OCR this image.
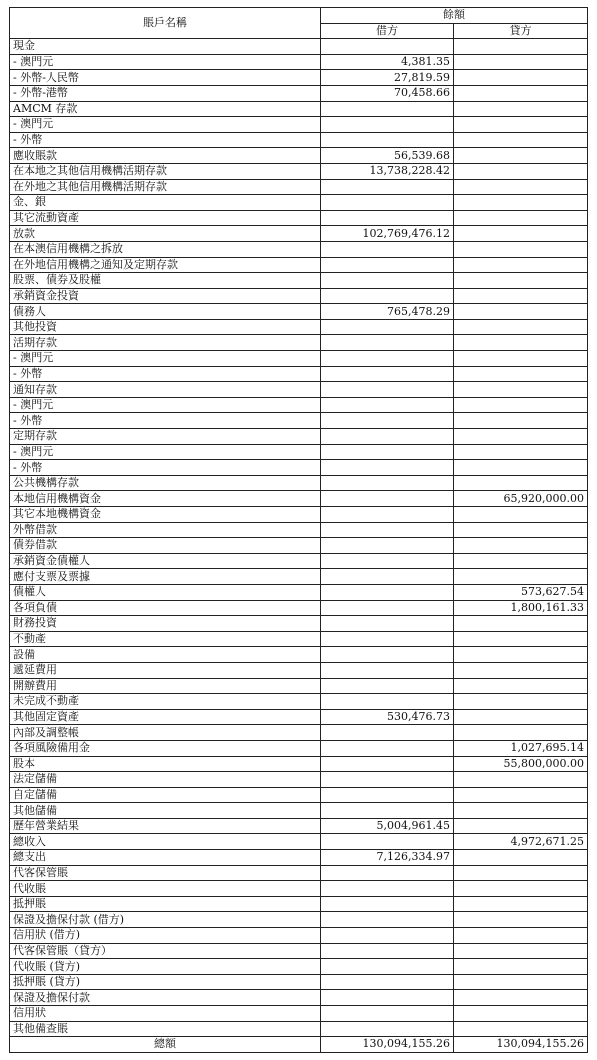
賬戶名稱	餘額	
	借方	貸方
現金		
- 澳門元	4,381.35	
- 外幣-人民幣	27,819.59	
- 外幣-港幣	70,458.66	
AMCM 存款		
- 澳門元		
- 外幣		
應收賬款	56,539.68	
在本地之其他信用機構活期存款	13,738,228.42	
在外地之其他信用機構活期存款		
金、銀		
其它流動資產		
放款	102,769,476.12	
在本澳信用機構之拆放		
在外地信用機構之通知及定期存款		
股票、債券及股權		
承銷資金投資		
債務人	765,478.29	
其他投資		
活期存款		
- 澳門元		
- 外幣		
通知存款		
- 澳門元		
- 外幣		
定期存款		
- 澳門元		
- 外幣		
公共機構存款		
本地信用機構資金		65,920,000.00
其它本地機構資金		
外幣借款		
債券借款		
承銷資金債權人		
應付支票及票據		
債權人		573,627.54
各項負債		1,800,161.33
財務投資		
不動產		
設備		
遞延費用		
開辦費用		
未完成不動產		
其他固定資產	530,476.73	
內部及調整帳		
各項風險備用金		1,027,695.14
股本		55,800,000.00
法定儲備		
自定儲備		
其他儲備		
歷年營業結果	5,004,961.45	
總收入		4,972,671.25
總支出	7,126,334.97	
代客保管賬		
代收賬		
抵押賬		
保證及擔保付款 (借方)		
信用狀 (借方)		
代客保管賬（貸方）		
代收賬 (貸方)		
抵押賬 (貸方)		
保證及擔保付款		
信用狀		
其他備查賬		
總額	130,094,155.26	130,094,155.26
